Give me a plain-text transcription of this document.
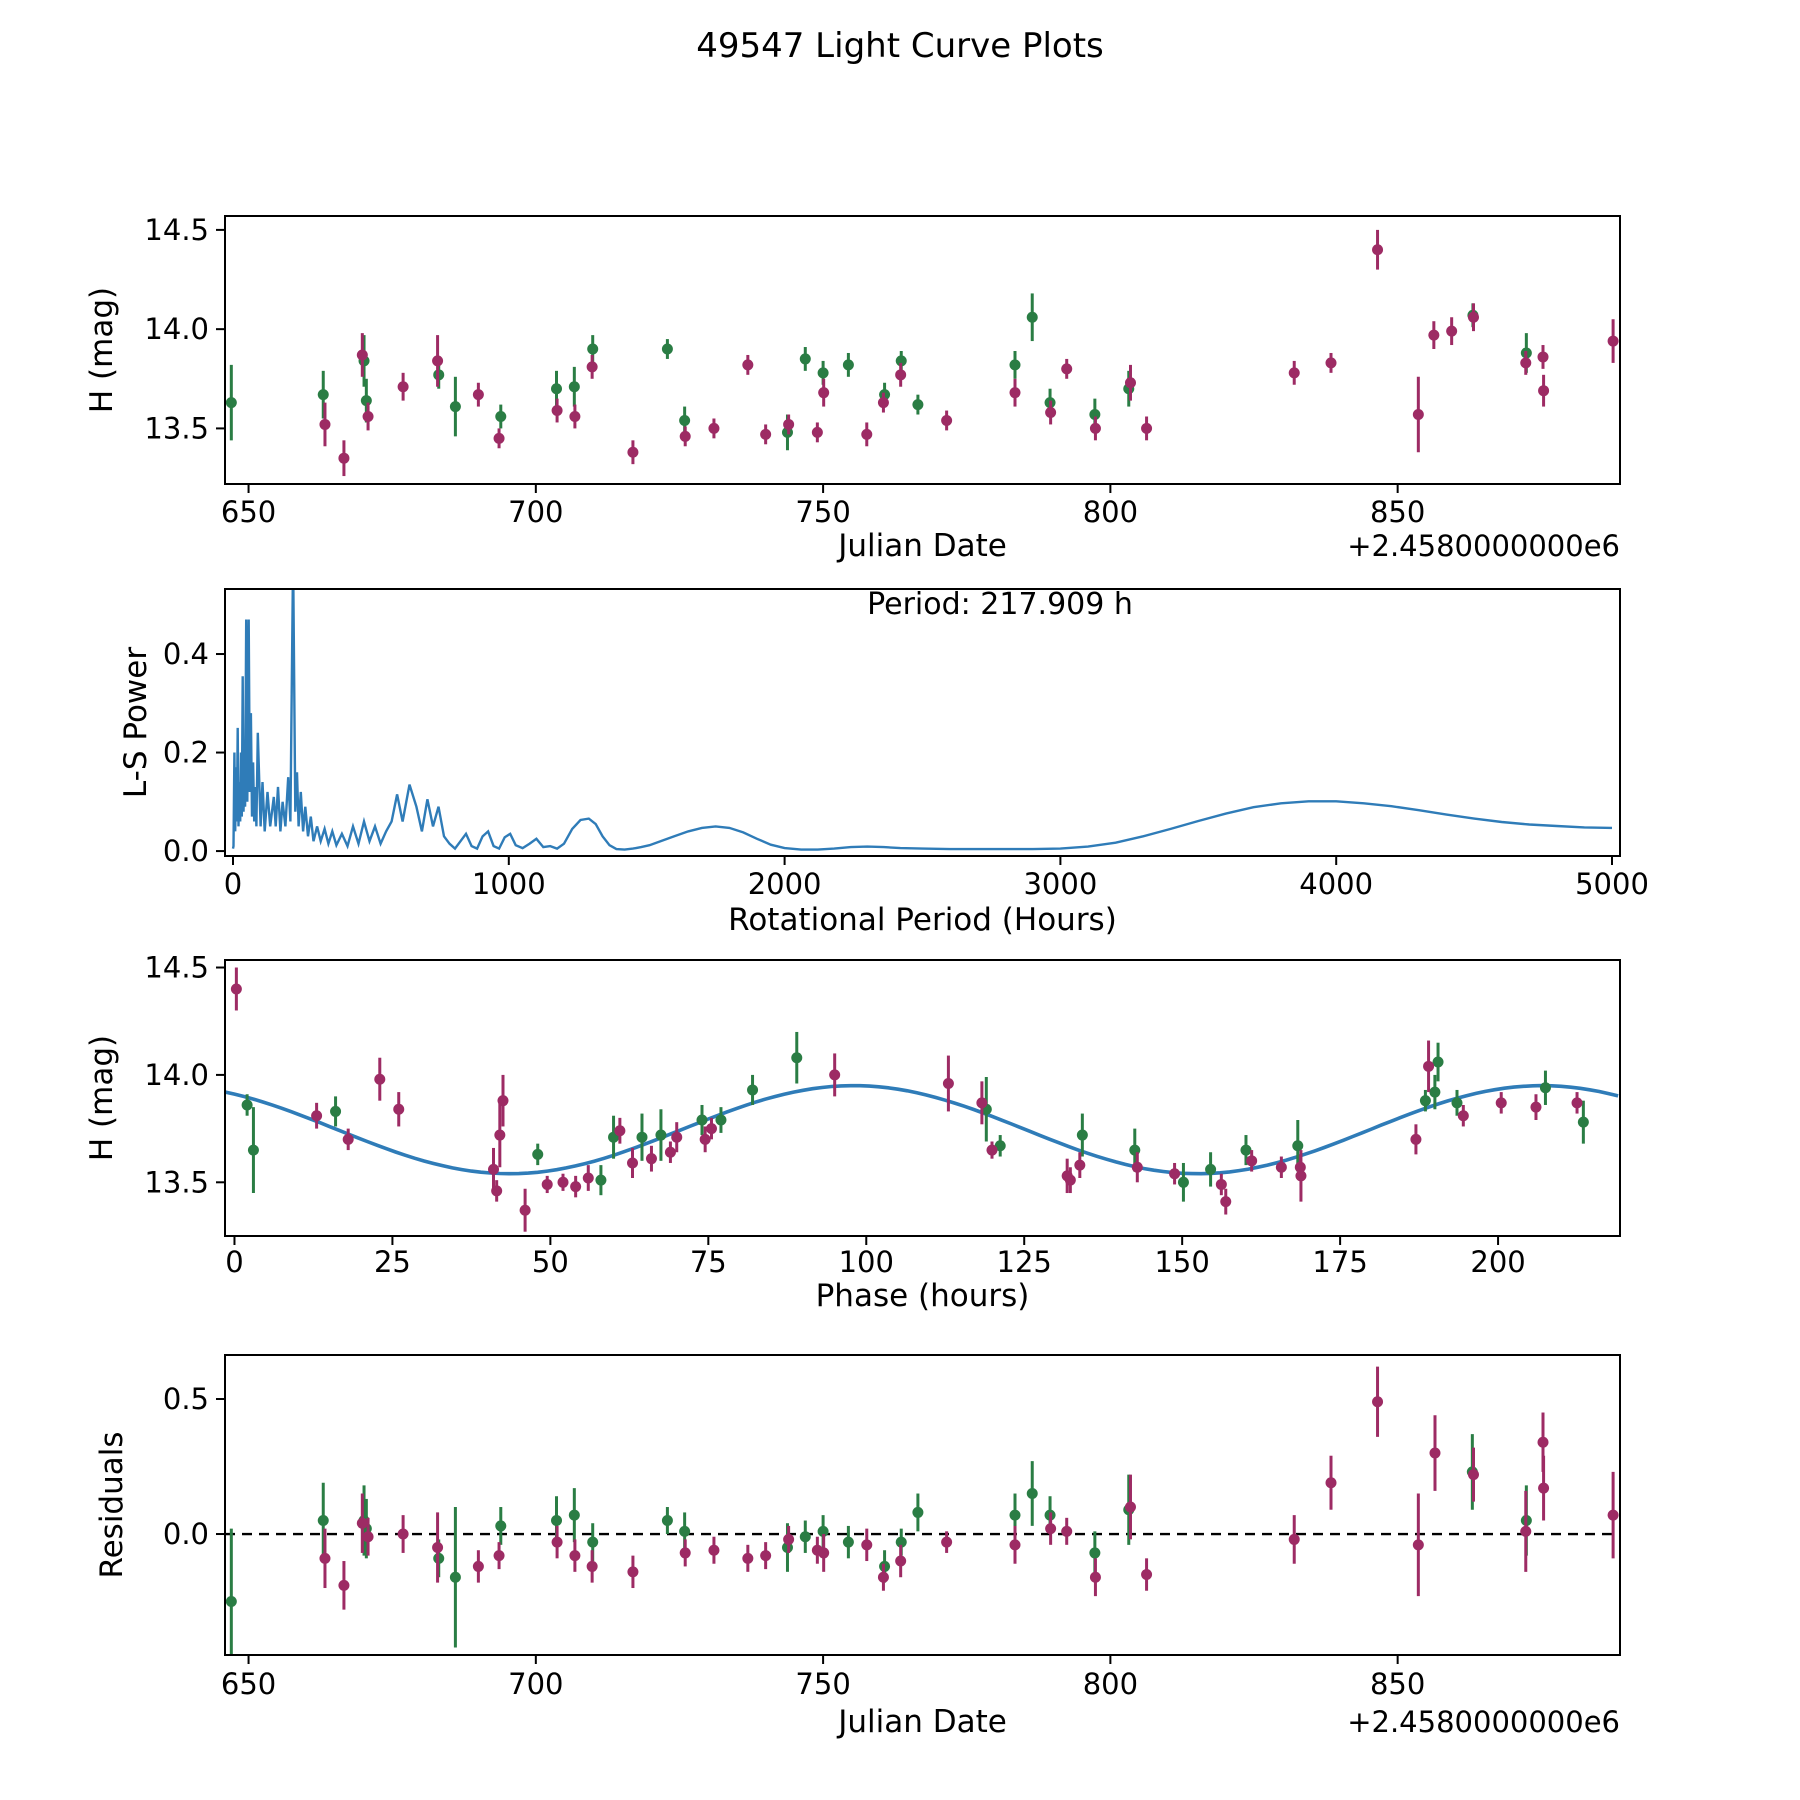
49547 Light Curve Plots
650	700	750	800	850
13.5
14.0
14.5
Julian Date
H (mag)
+2.4580000000e6
0	1000	2000	3000	4000	5000
0.0
0.2
0.4
Rotational Period (Hours)
L-S Power
Period: 217.909 h
0	25	50	75	100	125	150	175	200
13.5
14.0
14.5
Phase (hours)
H (mag)
650	700	750	800	850
0.0
0.5
Julian Date
Residuals
+2.4580000000e6
